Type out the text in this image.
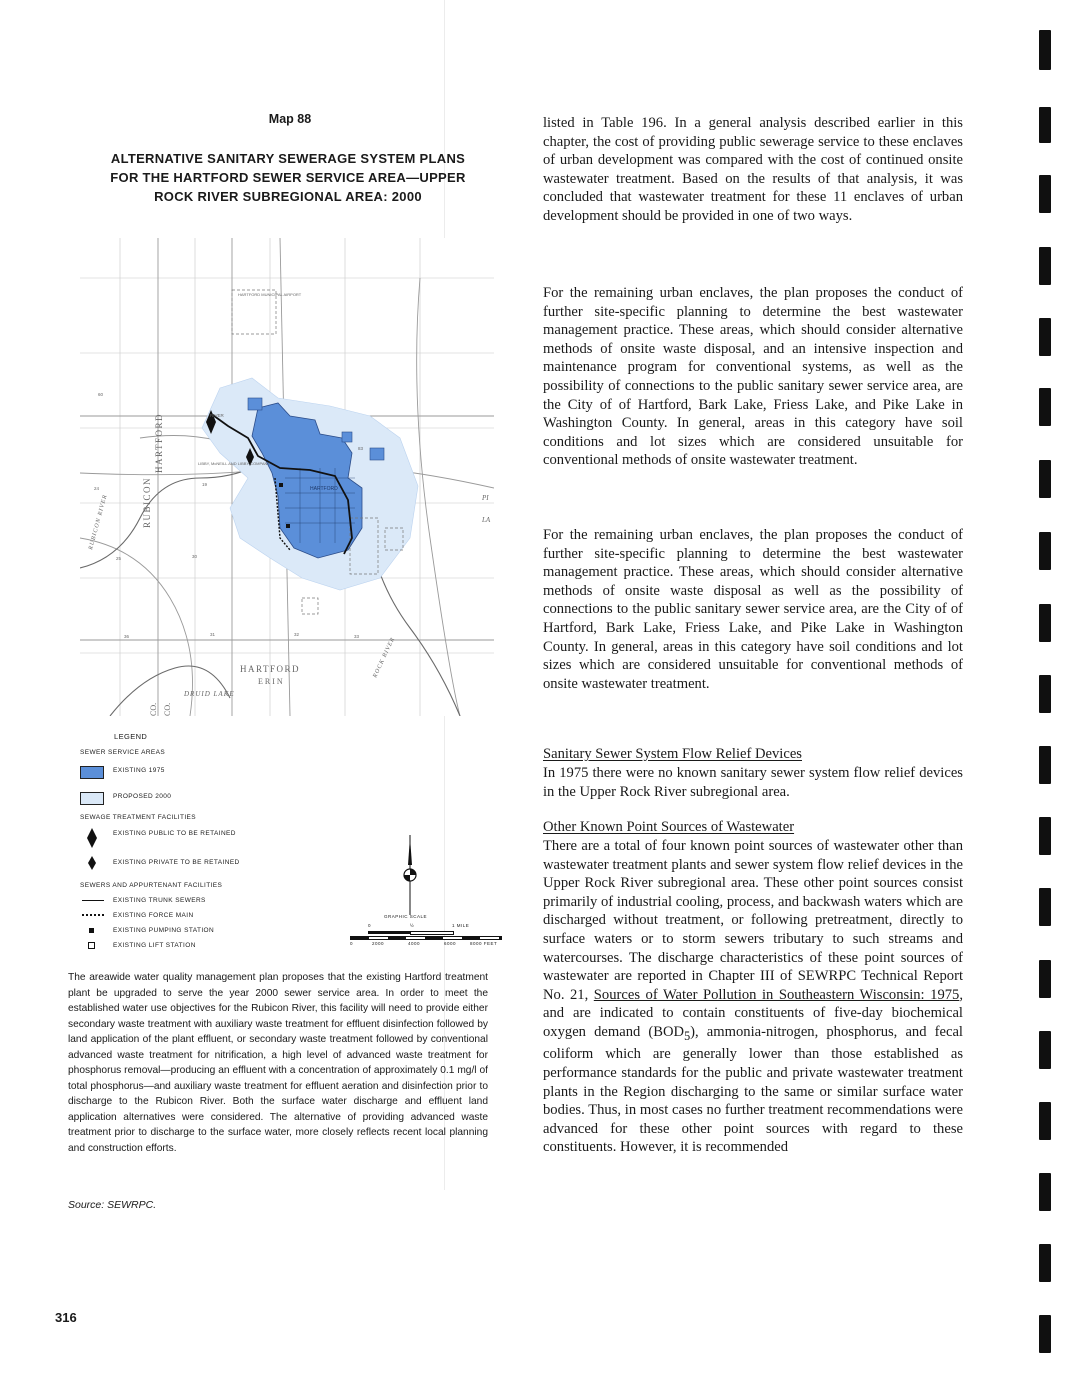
Map 88
ALTERNATIVE SANITARY SEWERAGE SYSTEM PLANS
FOR THE HARTFORD SEWER SERVICE AREA—UPPER
ROCK RIVER SUBREGIONAL AREA: 2000
HARTFORD MUNICIPAL AIRPORT
LIBBY, McNEILL AND LIBBY COMPANY
HARTFORD
RIVER
60
83
24
19
25	30
36	31	32	33
PI
LA
HARTFORD
ERIN
DRUID LAKE
RUBICON
HARTFORD
RUBICON RIVER
ROCK RIVER
CO. CO.
LEGEND
SEWER SERVICE AREAS
EXISTING 1975
PROPOSED 2000
SEWAGE TREATMENT FACILITIES
EXISTING PUBLIC TO BE RETAINED
EXISTING PRIVATE TO BE RETAINED
SEWERS AND APPURTENANT FACILITIES
EXISTING TRUNK SEWERS
EXISTING FORCE MAIN
EXISTING PUMPING STATION
EXISTING LIFT STATION
GRAPHIC SCALE
0	½	1 MILE
0	2000	4000	6000	8000 FEET
The areawide water quality management plan proposes that the existing Hartford treatment plant be upgraded to serve the year 2000 sewer service area. In order to meet the established water use objectives for the Rubicon River, this facility will need to provide either secondary waste treatment with auxiliary waste treatment for effluent disinfection followed by land application of the plant effluent, or secondary waste treatment followed by conventional advanced waste treatment for nitrification, a high level of advanced waste treatment for phosphorus removal—producing an effluent with a concentration of approximately 0.1 mg/l of total phosphorus—and auxiliary waste treatment for effluent aeration and disinfection prior to discharge to the Rubicon River. Both the surface water discharge and effluent land application alternatives were considered. The alternative of providing advanced waste treatment prior to discharge to the surface water, more closely reflects recent local planning and construction efforts.
Source: SEWRPC.
316
listed in Table 196. In a general analysis described earlier in this chapter, the cost of providing public sewerage service to these enclaves of urban development was compared with the cost of continued onsite wastewater treatment. Based on the results of that analysis, it was concluded that wastewater treatment for these 11 enclaves of urban development should be provided in one of two ways.
For the remaining urban enclaves, the plan proposes the conduct of further site-specific planning to determine the best wastewater management practice. These areas, which should consider alternative methods of onsite waste disposal, and an intensive inspection and maintenance program for conventional systems, as well as the possibility of connections to the public sanitary sewer service area, are the City of of Hartford, Bark Lake, Friess Lake, and Pike Lake in Washington County. In general, areas in this category have soil conditions and lot sizes which are considered unsuitable for conventional methods of onsite wastewater treatment.
For the remaining urban enclaves, the plan proposes the conduct of further site-specific planning to determine the best wastewater management practice. These areas, which should consider alternative methods of onsite waste disposal as well as the possibility of connections to the public sanitary sewer service area, are the City of of Hartford, Bark Lake, Friess Lake, and Pike Lake in Washington County. In general, areas in this category have soil conditions and lot sizes which are considered unsuitable for conventional methods of onsite wastewater treatment.
Sanitary Sewer System Flow Relief Devices
In 1975 there were no known sanitary sewer system flow relief devices in the Upper Rock River subregional area.
Other Known Point Sources of Wastewater
There are a total of four known point sources of wastewater other than wastewater treatment plants and sewer system flow relief devices in the Upper Rock River subregional area. These other point sources consist primarily of industrial cooling, process, and backwash waters which are discharged without treatment, or following pretreatment, directly to surface waters or to storm sewers tributary to such streams and watercourses. The discharge characteristics of these point sources of wastewater are reported in Chapter III of SEWRPC Technical Report No. 21, Sources of Water Pollution in Southeastern Wisconsin: 1975, and are indicated to contain constituents of five-day biochemical oxygen demand $(BOD_5)$, ammonia-nitrogen, phosphorus, and fecal coliform which are generally lower than those established as performance standards for the public and private wastewater treatment plants in the Region discharging to the same or similar surface water bodies. Thus, in most cases no further treatment recommendations were advanced for these other point sources with regard to these constituents. However, it is recommended
